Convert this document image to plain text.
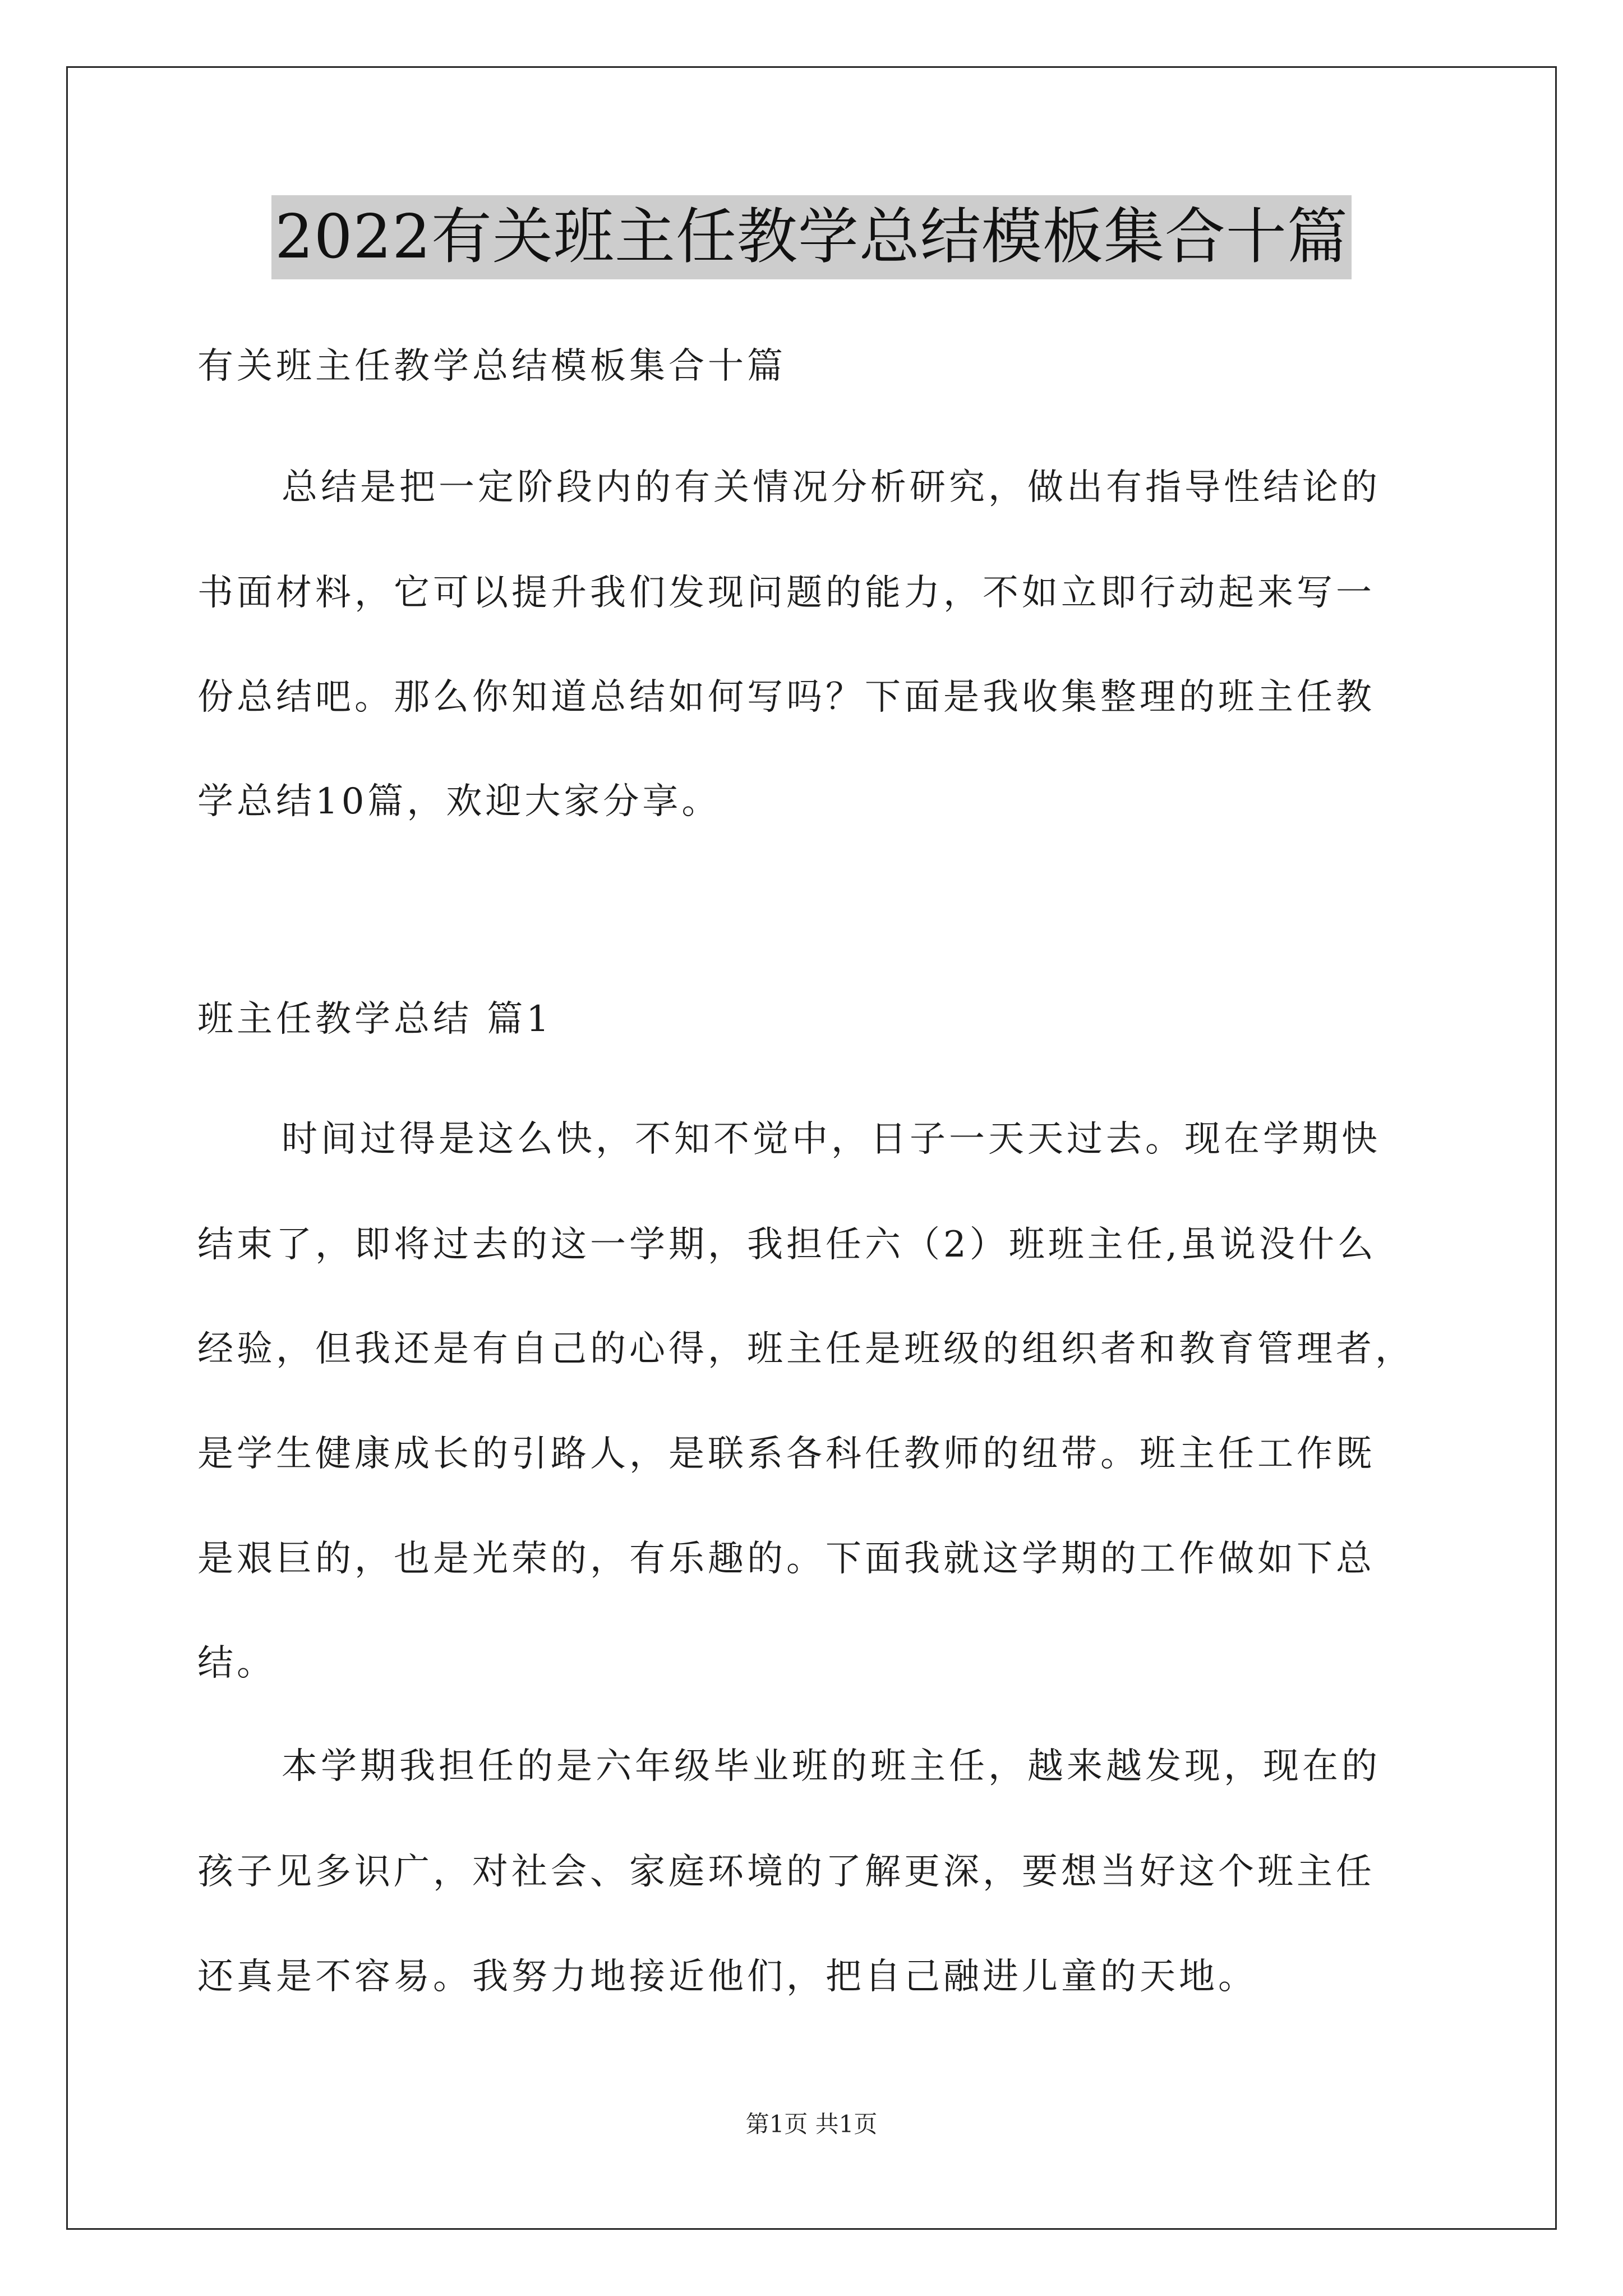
2022有关班主任教学总结模板集合十篇
有关班主任教学总结模板集合十篇
总结是把一定阶段内的有关情况分析研究，做出有指导性结论的
书面材料，它可以提升我们发现问题的能力，不如立即行动起来写一
份总结吧。那么你知道总结如何写吗？下面是我收集整理的班主任教
学总结10篇，欢迎大家分享。
班主任教学总结 篇1
时间过得是这么快，不知不觉中，日子一天天过去。现在学期快
结束了，即将过去的这一学期，我担任六（2）班班主任,虽说没什么
经验，但我还是有自己的心得，班主任是班级的组织者和教育管理者，
是学生健康成长的引路人，是联系各科任教师的纽带。班主任工作既
是艰巨的，也是光荣的，有乐趣的。下面我就这学期的工作做如下总
结。
本学期我担任的是六年级毕业班的班主任，越来越发现，现在的
孩子见多识广，对社会、家庭环境的了解更深，要想当好这个班主任
还真是不容易。我努力地接近他们，把自己融进儿童的天地。
第1页 共1页
